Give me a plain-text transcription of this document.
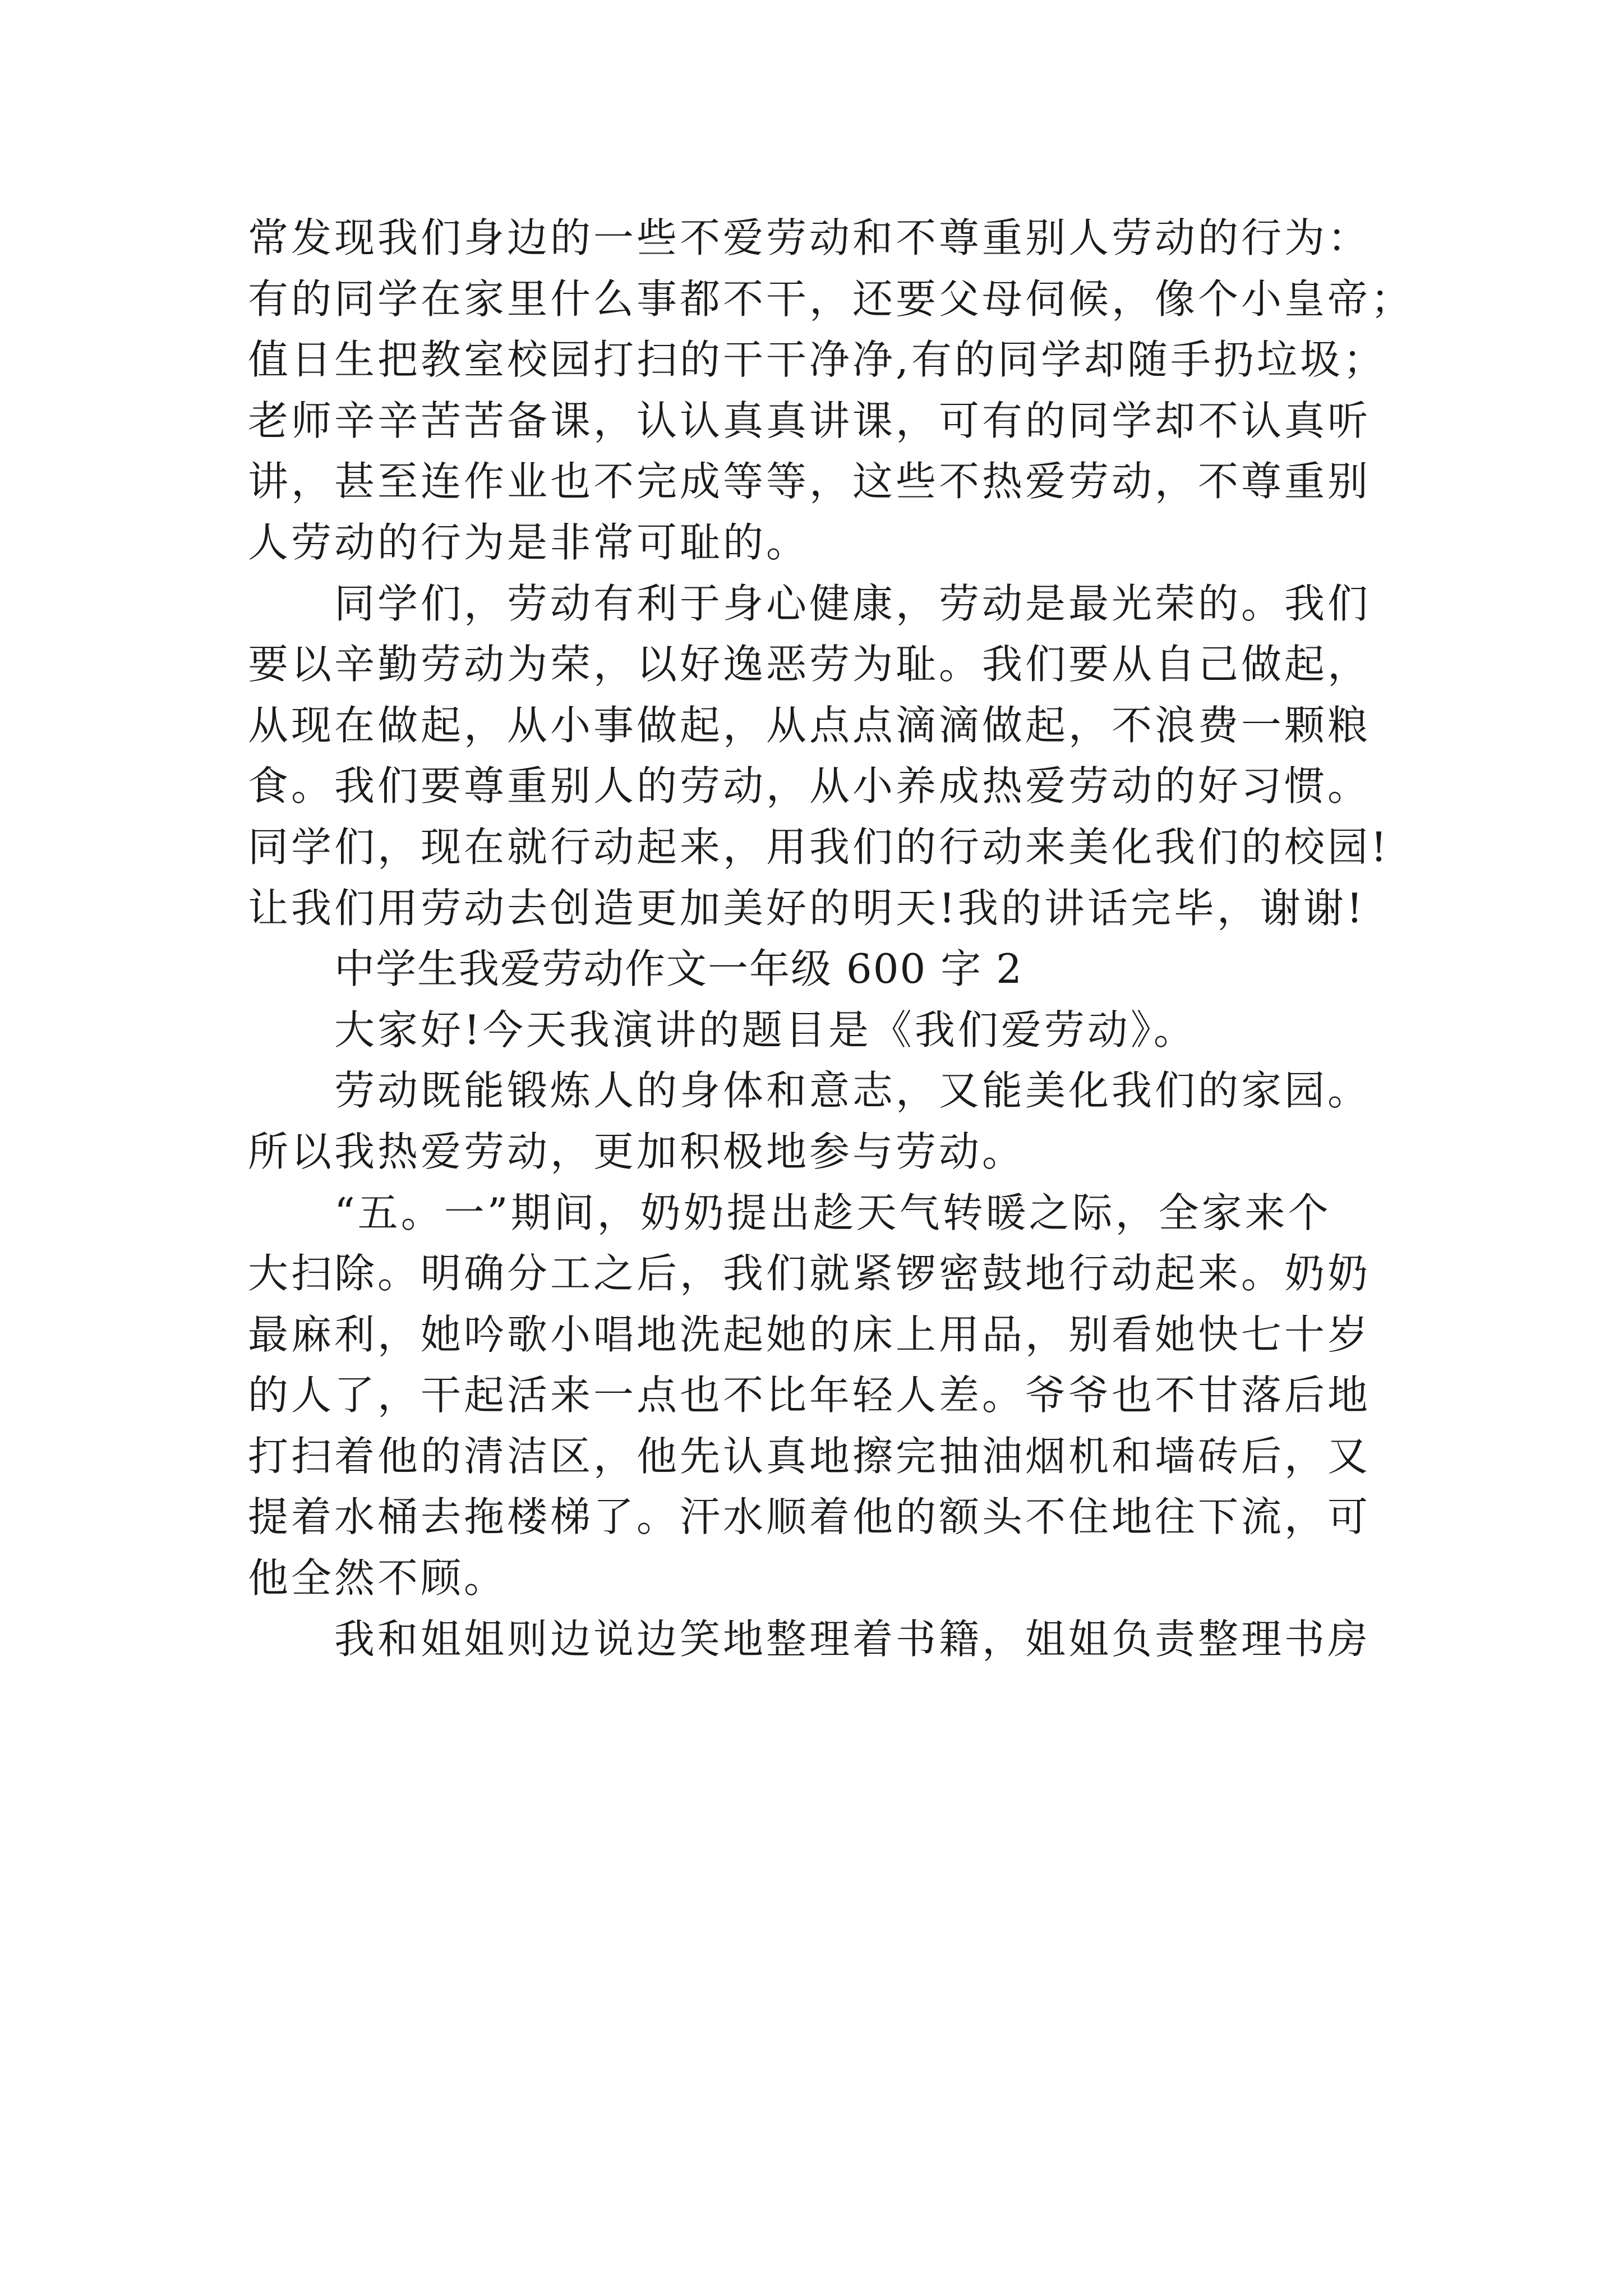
常发现我们身边的一些不爱劳动和不尊重别人劳动的行为：
有的同学在家里什么事都不干，还要父母伺候，像个小皇帝；
值日生把教室校园打扫的干干净净,有的同学却随手扔垃圾；
老师辛辛苦苦备课，认认真真讲课，可有的同学却不认真听
讲，甚至连作业也不完成等等，这些不热爱劳动，不尊重别
人劳动的行为是非常可耻的。
同学们，劳动有利于身心健康，劳动是最光荣的。我们
要以辛勤劳动为荣，以好逸恶劳为耻。我们要从自己做起，
从现在做起，从小事做起，从点点滴滴做起，不浪费一颗粮
食。我们要尊重别人的劳动，从小养成热爱劳动的好习惯。
同学们，现在就行动起来，用我们的行动来美化我们的校园!
让我们用劳动去创造更加美好的明天!我的讲话完毕，谢谢!
中学生我爱劳动作文一年级 600 字 2
大家好!今天我演讲的题目是《我们爱劳动》。
劳动既能锻炼人的身体和意志，又能美化我们的家园。
所以我热爱劳动，更加积极地参与劳动。
“五。一”期间，奶奶提出趁天气转暖之际，全家来个
大扫除。明确分工之后，我们就紧锣密鼓地行动起来。奶奶
最麻利，她吟歌小唱地洗起她的床上用品，别看她快七十岁
的人了，干起活来一点也不比年轻人差。爷爷也不甘落后地
打扫着他的清洁区，他先认真地擦完抽油烟机和墙砖后，又
提着水桶去拖楼梯了。汗水顺着他的额头不住地往下流，可
他全然不顾。
我和姐姐则边说边笑地整理着书籍，姐姐负责整理书房
